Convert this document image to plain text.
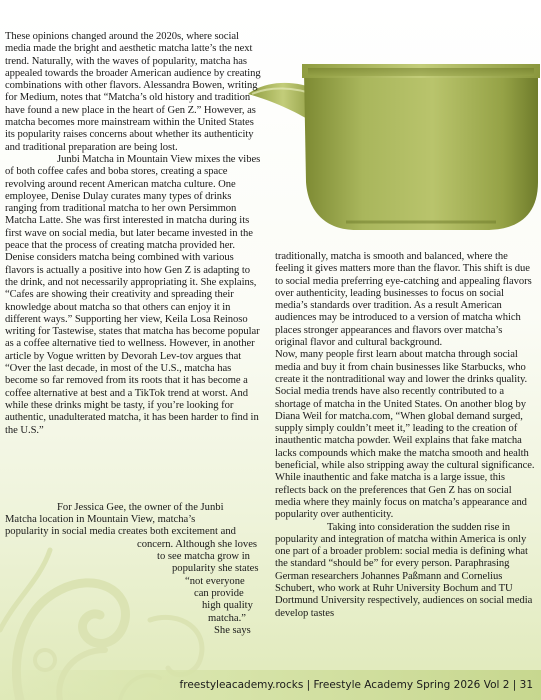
These opinions changed around the 2020s, where social media made the bright and aesthetic matcha latte’s the next trend. Naturally, with the waves of popularity, matcha has appealed towards the broader American audience by creating combinations with other flavors. Alessandra Bowen, writing for Medium, notes that “Matcha’s old history and tradition have found a new place in the heart of Gen Z.” However, as matcha becomes more mainstream within the United States its popularity raises concerns about whether its authenticity and traditional preparation are being lost.

Junbi Matcha in Mountain View mixes the vibes of both coffee cafes and boba stores, creating a space revolving around recent American matcha culture. One employee, Denise Dulay curates many types of drinks ranging from traditional matcha to her own Persimmon Matcha Latte. She was first interested in matcha during its first wave on social media, but later became invested in the peace that the process of creating matcha provided her. Denise considers matcha being combined with various flavors is actually a positive into how Gen Z is adapting to the drink, and not necessarily appropriating it. She explains, “Cafes are showing their creativity and spreading their knowledge about matcha so that others can enjoy it in different ways.” Supporting her view, Keila Losa Reinoso writing for Tastewise, states that matcha has become popular as a coffee alternative tied to wellness. However, in another article by Vogue written by Devorah Lev-tov argues that “Over the last decade, in most of the U.S., matcha has become so far removed from its roots that it has become a coffee alternative at best and a TikTok trend at worst. And while these drinks might be tasty, if you’re looking for authentic, unadulterated matcha, it has been harder to find in the U.S.”

For Jessica Gee, the owner of the Junbi
Matcha location in Mountain View, matcha’s
popularity in social media creates both excitement and
concern. Although she loves
to see matcha grow in
popularity she states
“not everyone
can provide
high quality
matcha.”
She says

traditionally, matcha is smooth and balanced, where the feeling it gives matters more than the flavor. This shift is due to social media preferring eye-catching and appealing flavors over authenticity, leading businesses to focus on social media’s standards over tradition. As a result American audiences may be introduced to a version of matcha which places stronger appearances and flavors over matcha’s original flavor and cultural background.

Now, many people first learn about matcha through social media and buy it from chain businesses like Starbucks, who create it the nontraditional way and lower the drinks quality. Social media trends have also recently contributed to a shortage of matcha in the United States. On another blog by Diana Weil for matcha.com, “When global demand surged, supply simply couldn’t meet it,” leading to the creation of inauthentic matcha powder. Weil explains that fake matcha lacks compounds which make the matcha smooth and health beneficial, while also stripping away the cultural significance. While inauthentic and fake matcha is a large issue, this reflects back on the preferences that Gen Z has on social media where they mainly focus on matcha’s appearance and popularity over authenticity.

Taking into consideration the sudden rise in popularity and integration of matcha within America is only one part of a broader problem: social media is defining what the standard “should be” for every person. Paraphrasing German researchers Johannes Paßmann and Cornelius Schubert, who work at Ruhr University Bochum and TU Dortmund University respectively, audiences on social media develop tastes

freestyleacademy.rocks | Freestyle Academy Spring 2026 Vol 2 | 31
